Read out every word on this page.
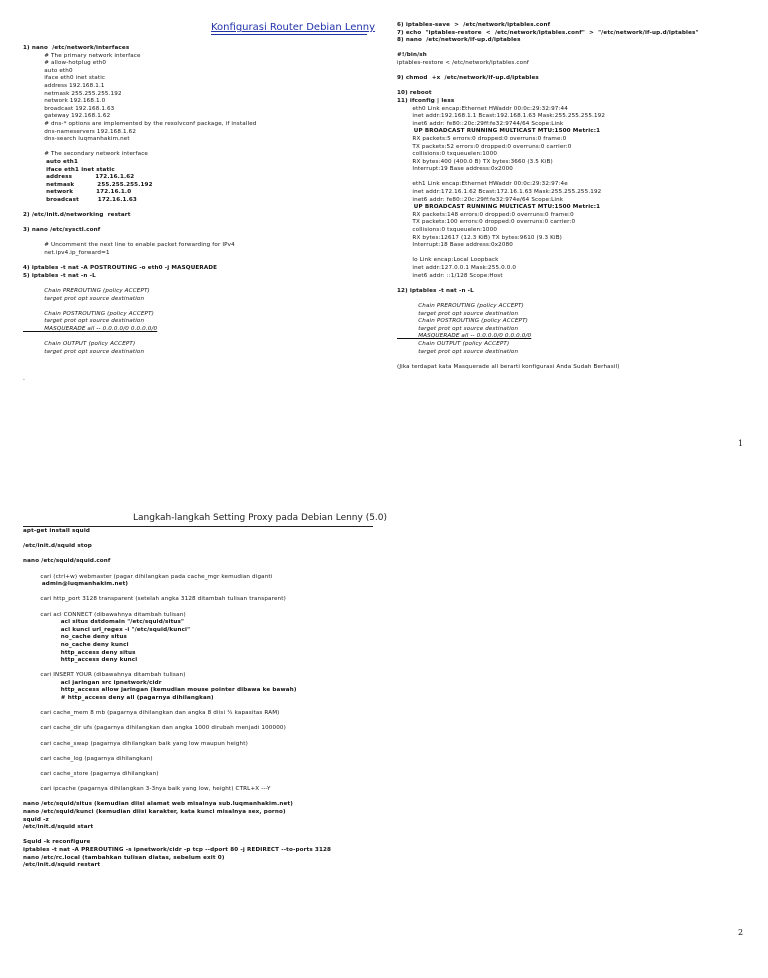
Konfigurasi Router Debian Lenny
1) nano  /etc/network/interfaces
# The primary network interface
# allow-hotplug eth0
auto eth0
iface eth0 inet static
address 192.168.1.1
netmask 255.255.255.192
network 192.168.1.0
broadcast 192.168.1.63
gateway 192.168.1.62
# dns-* options are implemented by the resolvconf package, if installed
dns-nameservers 192.168.1.62
dns-search luqmanhakim.net

# The secondary network interface
auto eth1
iface eth1 inet static
address           172.16.1.62
netmask           255.255.255.192
network           172.16.1.0
broadcast         172.16.1.63

2) /etc/init.d/networking  restart

3) nano /etc/sysctl.conf

# Uncomment the next line to enable packet forwarding for IPv4
net.ipv4.ip_forward=1

4) iptables -t nat -A POSTROUTING -o eth0 -j MASQUERADE
5) iptables -t nat -n -L

Chain PREROUTING (policy ACCEPT)
target prot opt source destination

Chain POSTROUTING (policy ACCEPT)
target prot opt source destination
MASQUERADE all -- 0.0.0.0/0 0.0.0.0/0

Chain OUTPUT (policy ACCEPT)
target prot opt source destination
6) iptables-save  >  /etc/network/iptables.conf
7) echo  "iptables-restore  <  /etc/network/iptables.conf"  >  "/etc/network/if-up.d/iptables"
8) nano  /etc/network/if-up.d/iptables

#!/bin/sh
iptables-restore < /etc/network/iptables.conf

9) chmod  +x  /etc/network/if-up.d/iptables

10) reboot
11) ifconfig | less
eth0 Link encap:Ethernet HWaddr 00:0c:29:32:97:44
inet addr:192.168.1.1 Bcast:192.168.1.63 Mask:255.255.255.192
inet6 addr: fe80::20c:29ff:fe32:9744/64 Scope:Link
UP BROADCAST RUNNING MULTICAST MTU:1500 Metric:1
RX packets:5 errors:0 dropped:0 overruns:0 frame:0
TX packets:52 errors:0 dropped:0 overruns:0 carrier:0
collisions:0 txqueuelen:1000
RX bytes:400 (400.0 B) TX bytes:3660 (3.5 KiB)
Interrupt:19 Base address:0x2000

eth1 Link encap:Ethernet HWaddr 00:0c:29:32:97:4e
inet addr:172.16.1.62 Bcast:172.16.1.63 Mask:255.255.255.192
inet6 addr: fe80::20c:29ff:fe32:974e/64 Scope:Link
UP BROADCAST RUNNING MULTICAST MTU:1500 Metric:1
RX packets:148 errors:0 dropped:0 overruns:0 frame:0
TX packets:100 errors:0 dropped:0 overruns:0 carrier:0
collisions:0 txqueuelen:1000
RX bytes:12617 (12.3 KiB) TX bytes:9610 (9.3 KiB)
Interrupt:18 Base address:0x2080

lo Link encap:Local Loopback
inet addr:127.0.0.1 Mask:255.0.0.0
inet6 addr: ::1/128 Scope:Host

12) iptables -t nat -n -L

Chain PREROUTING (policy ACCEPT)
target prot opt source destination
Chain POSTROUTING (policy ACCEPT)
target prot opt source destination
MASQUERADE all -- 0.0.0.0/0 0.0.0.0/0
Chain OUTPUT (policy ACCEPT)
target prot opt source destination

(Jika terdapat kata Masquerade all berarti konfigurasi Anda Sudah Berhasil)
.
1
Langkah-langkah Setting Proxy pada Debian Lenny (5.0)
apt-get install squid

/etc/init.d/squid stop

nano /etc/squid/squid.conf

cari (ctrl+w) webmaster (pagar dihilangkan pada cache_mgr kemudian diganti
admin@luqmanhakim.net)

cari http_port 3128 transparent (setelah angka 3128 ditambah tulisan transparent)

cari acl CONNECT (dibawahnya ditambah tulisan)
acl situs dstdomain "/etc/squid/situs"
acl kunci url_regex -i "/etc/squid/kunci"
no_cache deny situs
no_cache deny kunci
http_access deny situs
http_access deny kunci

cari INSERT YOUR (dibawahnya ditambah tulisan)
acl jaringan src ipnetwork/cidr
http_access allow jaringan (kemudian mouse pointer dibawa ke bawah)
# http_access deny all (pagarnya dihilangkan)

cari cache_mem 8 mb (pagarnya dihilangkan dan angka 8 diisi ¼ kapasitas RAM)

cari cache_dir ufs (pagarnya dihilangkan dan angka 1000 dirubah menjadi 100000)

cari cache_swap (pagarnya dihilangkan baik yang low maupun height)

cari cache_log (pagarnya dihilangkan)

cari cache_store (pagarnya dihilangkan)

cari ipcache (pagarnya dihilangkan 3-3nya baik yang low, height) CTRL+X ---Y

nano /etc/squid/situs (kemudian diisi alamat web misalnya sub.luqmanhakim.net)
nano /etc/squid/kunci (kemudian diisi karakter, kata kunci misalnya sex, porno)
squid -z
/etc/init.d/squid start

Squid -k reconfigure
iptables -t nat -A PREROUTING -s ipnetwork/cidr -p tcp --dport 80 -j REDIRECT --to-ports 3128
nano /etc/rc.local (tambahkan tulisan diatas, sebelum exit 0)
/etc/init.d/squid restart
2
